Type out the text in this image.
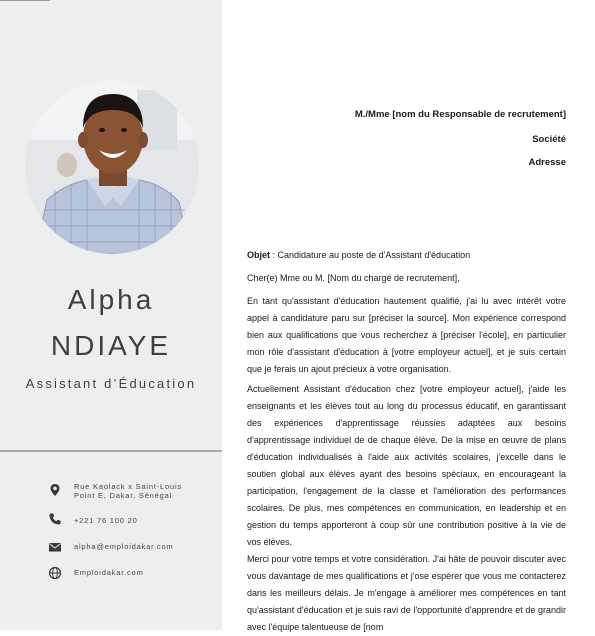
Alpha
NDIAYE
Assistant d’Éducation
Rue Kaolack x Saint-Louis
Point E, Dakar, Sénégal
+221 76 100 20
alpha@emploidakar.com
Emploidakar.com
M./Mme [nom du Responsable de recrutement]
Société
Adresse

Objet : Candidature au poste de d'Assistant d'éducation

Cher(e) Mme ou M. [Nom du chargé de recrutement],

En tant qu'assistant d'éducation hautement qualifié, j'ai lu avec intérêt votre appel à candidature paru sur [préciser la source]. Mon expérience correspond bien aux qualifications que vous recherchez à [préciser l'école], en particulier mon rôle d'assistant d'éducation à [votre employeur actuel], et je suis certain que je ferais un ajout précieux à votre organisation.

Actuellement Assistant d'éducation chez [votre employeur actuel], j'aide les enseignants et les élèves tout au long du processus éducatif, en garantissant des expériences d'apprentissage réussies adaptées aux besoins d'apprentissage individuel de de chaque élève. De la mise en œuvre de plans d'éducation individualisés à l'aide aux activités scolaires, j'excelle dans le soutien global aux élèves ayant des besoins spéciaux, en encourageant la participation, l'engagement de la classe et l'amélioration des performances scolaires. De plus, mes compétences en communication, en leadership et en gestion du temps apporteront à coup sûr une contribution positive à la vie de vos élèves.

Merci pour votre temps et votre considération. J'ai hâte de pouvoir discuter avec vous davantage de mes qualifications et j'ose espérer que vous me contacterez dans les meilleurs délais. Je m'engage à améliorer mes compétences en tant qu'assistant d'éducation et je suis ravi de l'opportunité d'apprendre et de grandir avec l'équipe talentueuse de [nom
